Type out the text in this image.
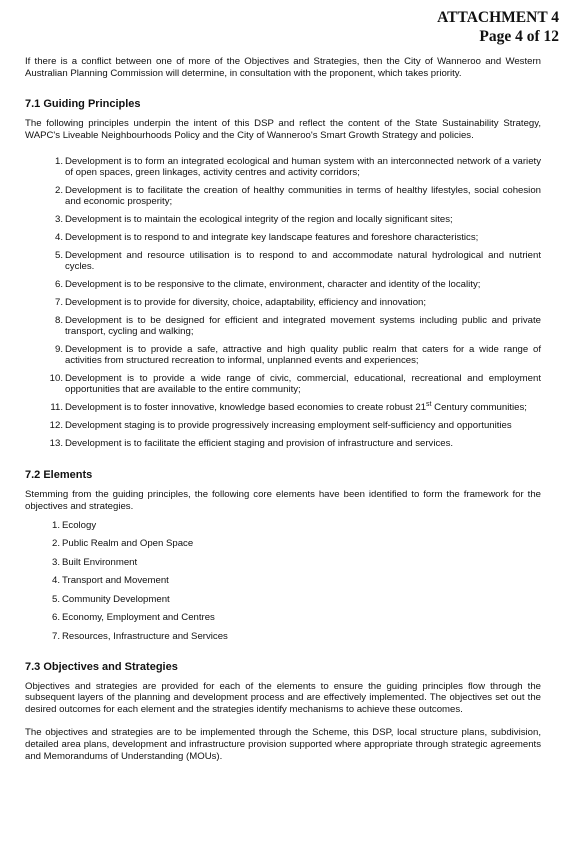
ATTACHMENT 4
Page 4 of 12

If there is a conflict between one of more of the Objectives and Strategies, then the City of Wanneroo and Western Australian Planning Commission will determine, in consultation with the proponent, which takes priority.

7.1 Guiding Principles

The following principles underpin the intent of this DSP and reflect the content of the State Sustainability Strategy, WAPC's Liveable Neighbourhoods Policy and the City of Wanneroo's Smart Growth Strategy and policies.

1. Development is to form an integrated ecological and human system with an interconnected network of a variety of open spaces, green linkages, activity centres and activity corridors;
2. Development is to facilitate the creation of healthy communities in terms of healthy lifestyles, social cohesion and economic prosperity;
3. Development is to maintain the ecological integrity of the region and locally significant sites;
4. Development is to respond to and integrate key landscape features and foreshore characteristics;
5. Development and resource utilisation is to respond to and accommodate natural hydrological and nutrient cycles.
6. Development is to be responsive to the climate, environment, character and identity of the locality;
7. Development is to provide for diversity, choice, adaptability, efficiency and innovation;
8. Development is to be designed for efficient and integrated movement systems including public and private transport, cycling and walking;
9. Development is to provide a safe, attractive and high quality public realm that caters for a wide range of activities from structured recreation to informal, unplanned events and experiences;
10. Development is to provide a wide range of civic, commercial, educational, recreational and employment opportunities that are available to the entire community;
11. Development is to foster innovative, knowledge based economies to create robust 21st Century communities;
12. Development staging is to provide progressively increasing employment self-sufficiency and opportunities
13. Development is to facilitate the efficient staging and provision of infrastructure and services.
7.2 Elements

Stemming from the guiding principles, the following core elements have been identified to form the framework for the objectives and strategies.

1. Ecology
2. Public Realm and Open Space
3. Built Environment
4. Transport and Movement
5. Community Development
6. Economy, Employment and Centres
7. Resources, Infrastructure and Services
7.3 Objectives and Strategies

Objectives and strategies are provided for each of the elements to ensure the guiding principles flow through the subsequent layers of the planning and development process and are effectively implemented. The objectives set out the desired outcomes for each element and the strategies identify mechanisms to achieve these outcomes.

The objectives and strategies are to be implemented through the Scheme, this DSP, local structure plans, subdivision, detailed area plans, development and infrastructure provision supported where appropriate through strategic agreements and Memorandums of Understanding (MOUs).
